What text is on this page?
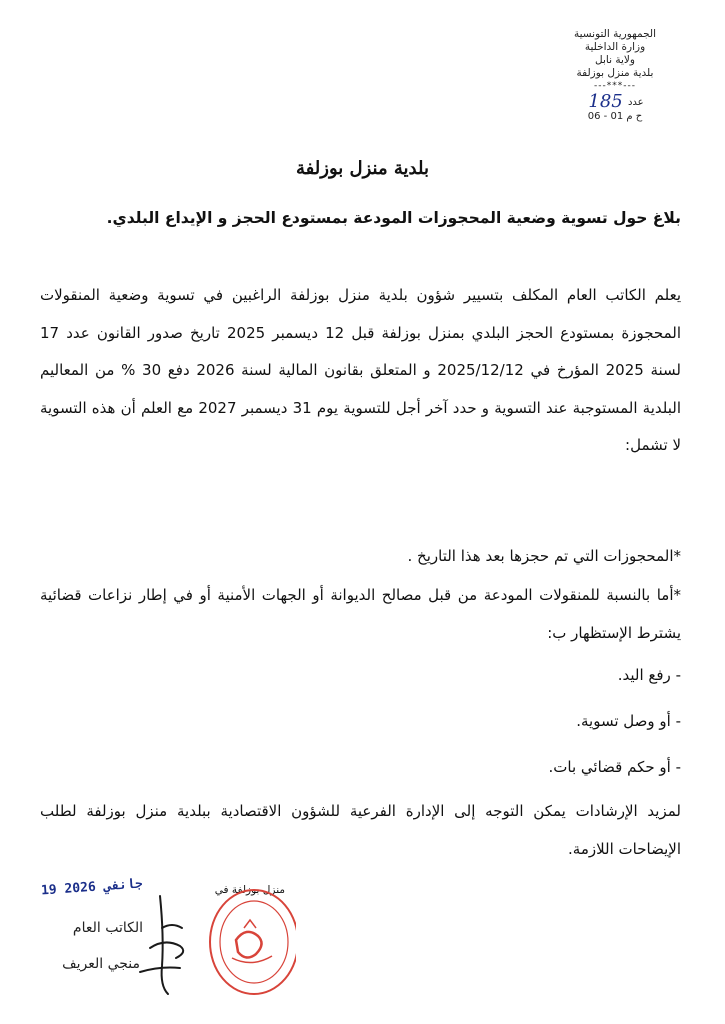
الجمهورية التونسية
وزارة الداخلية
ولاية نابل
بلدية منزل بوزلفة
---***---
عدد 185
06 - 01 ح م
بلدية منزل بوزلفة
بلاغ حول تسوية وضعية المحجوزات المودعة بمستودع الحجز و الإيداع البلدي.
يعلم الكاتب العام المكلف بتسيير شؤون بلدية منزل بوزلفة الراغبين في تسوية وضعية المنقولات المحجوزة بمستودع الحجز البلدي بمنزل بوزلفة قبل 12 ديسمبر 2025 تاريخ صدور القانون عدد 17 لسنة 2025 المؤرخ في 2025/12/12 و المتعلق بقانون المالية لسنة 2026 دفع 30 % من المعاليم البلدية المستوجبة عند التسوية و حدد آخر أجل للتسوية يوم 31 ديسمبر 2027 مع العلم أن هذه التسوية لا تشمل:
*المحجوزات التي تم حجزها بعد هذا التاريخ .
*أما بالنسبة للمنقولات المودعة من قبل مصالح الديوانة أو الجهات الأمنية أو في إطار نزاعات قضائية يشترط الإستظهار ب:
- رفع اليد.
- أو وصل تسوية.
- أو حكم قضائي بات.
لمزيد الإرشادات يمكن التوجه إلى الإدارة الفرعية للشؤون الاقتصادية ببلدية منزل بوزلفة لطلب الإيضاحات اللازمة.
منزل بوزلفة في
19 جانفي 2026
الكاتب العام
منجي العريف
